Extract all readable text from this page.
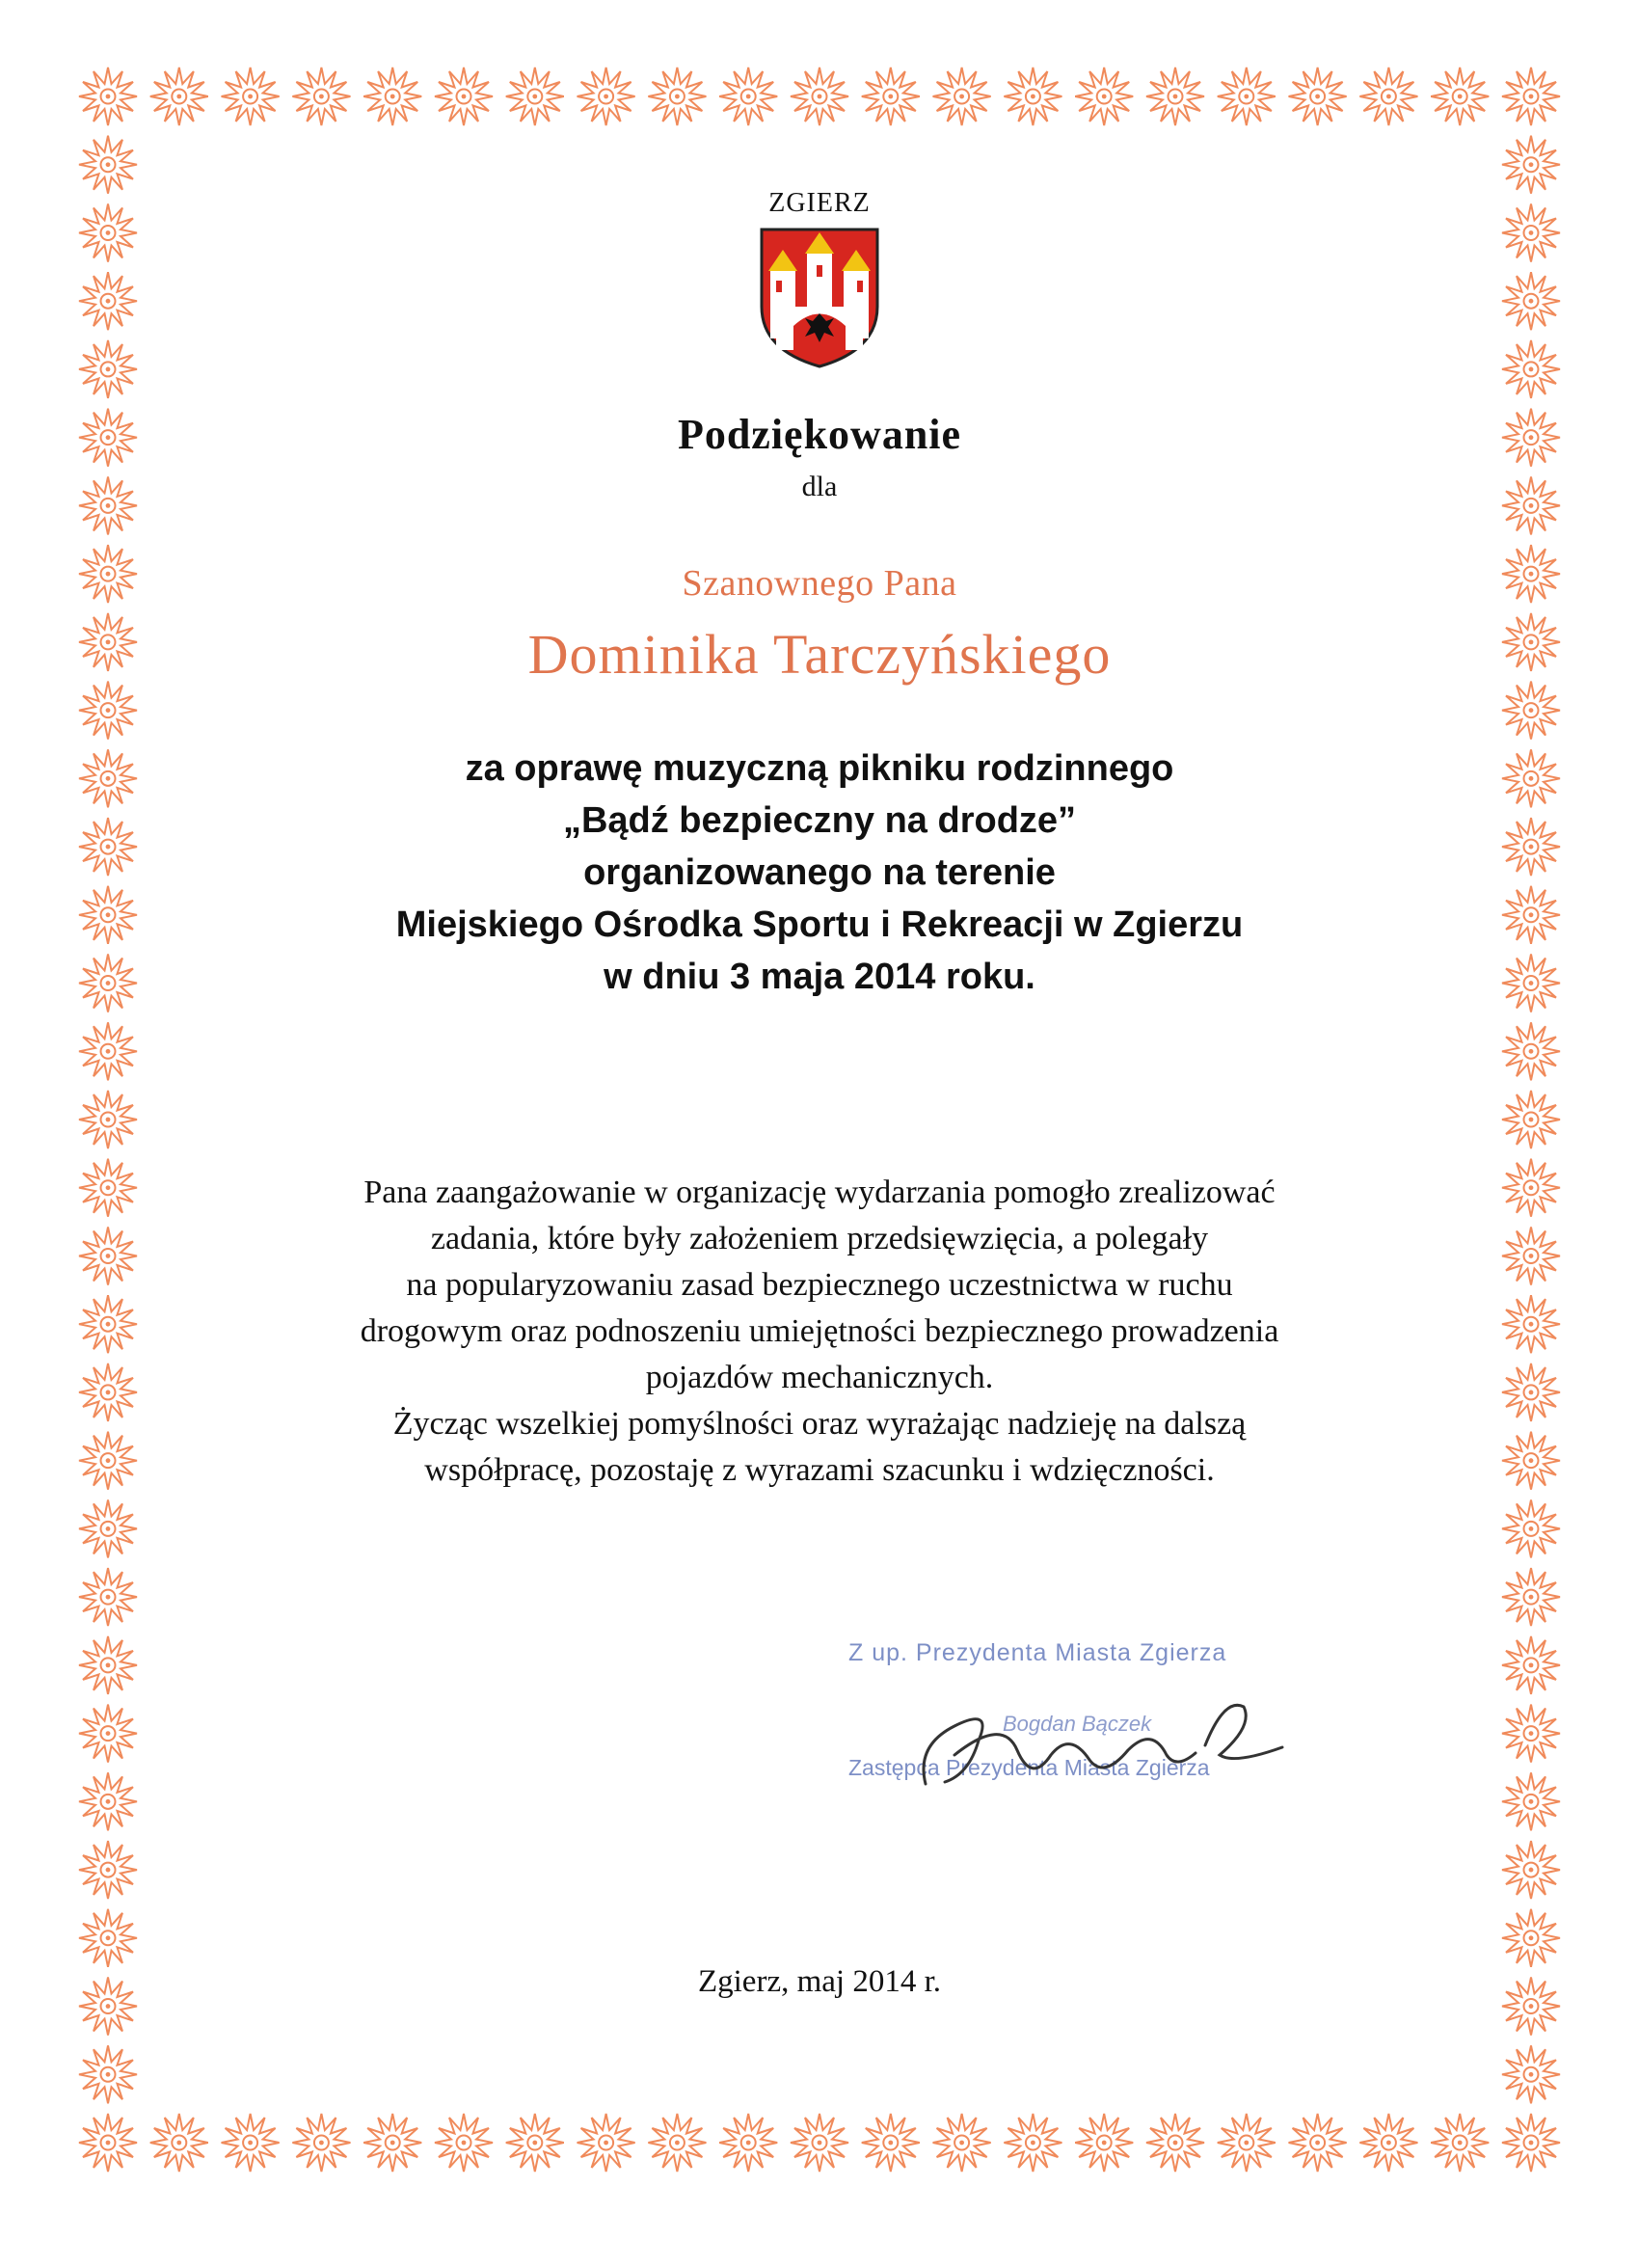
ZGIERZ
Podziękowanie
dla
Szanownego Pana
Dominika Tarczyńskiego
za oprawę muzyczną pikniku rodzinnego
„Bądź bezpieczny na drodze”
organizowanego na terenie
Miejskiego Ośrodka Sportu i Rekreacji w Zgierzu
w dniu 3 maja 2014 roku.
Pana zaangażowanie w organizację wydarzania pomogło zrealizować
zadania, które były założeniem przedsięwzięcia, a polegały
na popularyzowaniu zasad bezpiecznego uczestnictwa w ruchu
drogowym oraz podnoszeniu umiejętności bezpiecznego prowadzenia
pojazdów mechanicznych.
Życząc wszelkiej pomyślności oraz wyrażając nadzieję na dalszą
współpracę, pozostaję z wyrazami szacunku i wdzięczności.
Z up. Prezydenta Miasta Zgierza
Bogdan Bączek
Zastępca Prezydenta Miasta Zgierza
Zgierz, maj 2014 r.
